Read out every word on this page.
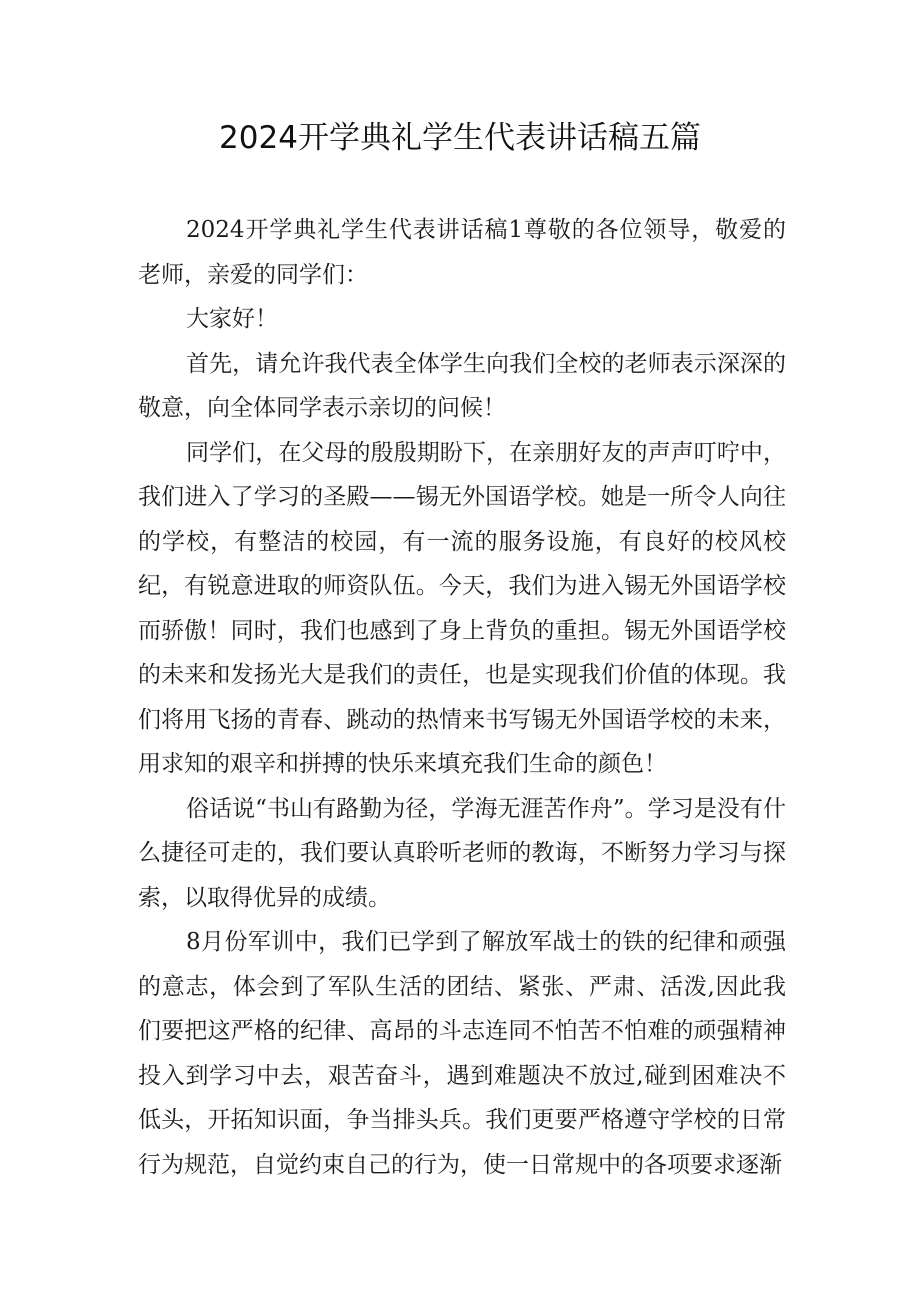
2024开学典礼学生代表讲话稿五篇

2024开学典礼学生代表讲话稿1尊敬的各位领导，敬爱的老师，亲爱的同学们：

大家好！

首先，请允许我代表全体学生向我们全校的老师表示深深的敬意，向全体同学表示亲切的问候！

同学们，在父母的殷殷期盼下，在亲朋好友的声声叮咛中，我们进入了学习的圣殿——锡无外国语学校。她是一所令人向往的学校，有整洁的校园，有一流的服务设施，有良好的校风校纪，有锐意进取的师资队伍。今天，我们为进入锡无外国语学校而骄傲！同时，我们也感到了身上背负的重担。锡无外国语学校的未来和发扬光大是我们的责任，也是实现我们价值的体现。我们将用飞扬的青春、跳动的热情来书写锡无外国语学校的未来，用求知的艰辛和拼搏的快乐来填充我们生命的颜色！

俗话说“书山有路勤为径，学海无涯苦作舟”。学习是没有什么捷径可走的，我们要认真聆听老师的教诲，不断努力学习与探索，以取得优异的成绩。

8月份军训中，我们已学到了解放军战士的铁的纪律和顽强的意志，体会到了军队生活的团结、紧张、严肃、活泼,因此我们要把这严格的纪律、高昂的斗志连同不怕苦不怕难的顽强精神投入到学习中去，艰苦奋斗，遇到难题决不放过,碰到困难决不低头，开拓知识面，争当排头兵。我们更要严格遵守学校的日常行为规范，自觉约束自己的行为，使一日常规中的各项要求逐渐
